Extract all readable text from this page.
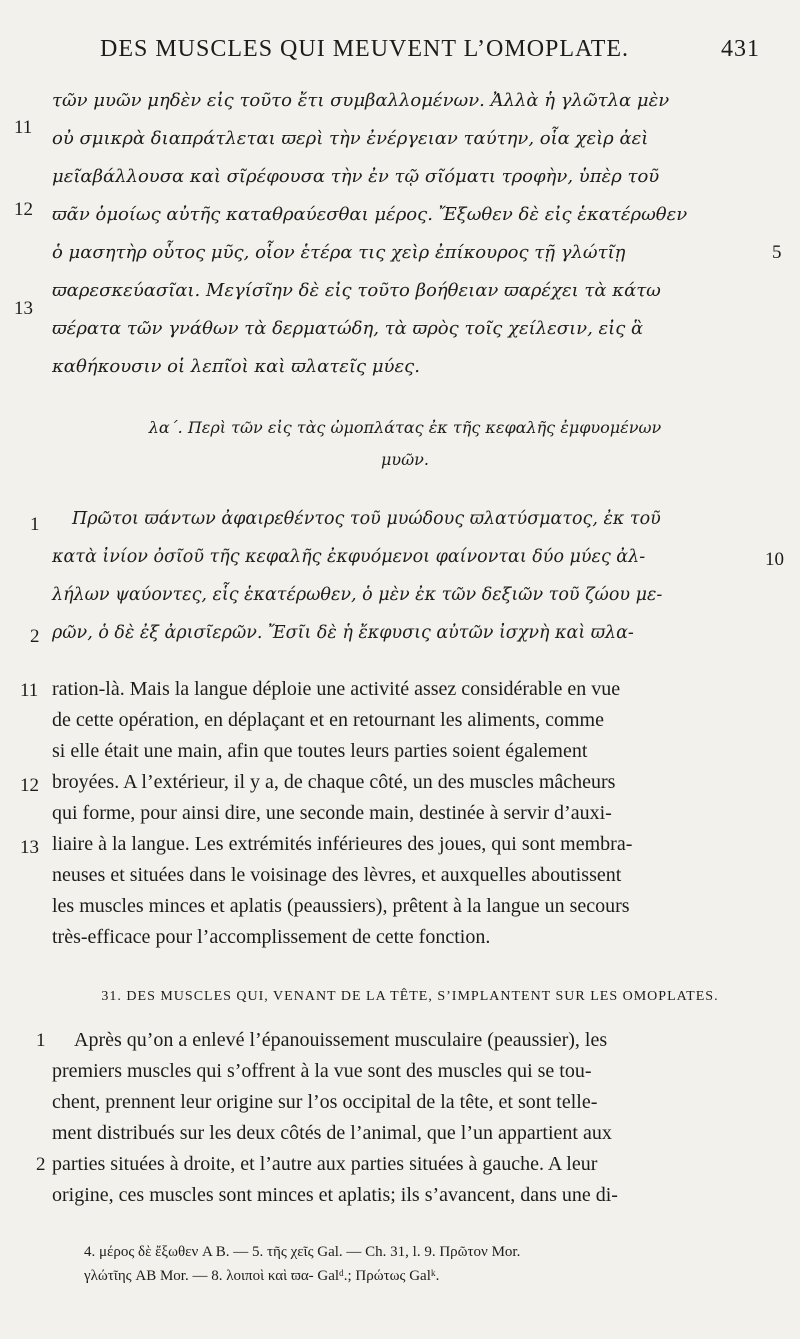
DES MUSCLES QUI MEUVENT L’OMOPLATE.	431
11
12
13
5
τῶν μυῶν μηδὲν εἰς τοῦτο ἔτι συμβαλλομένων. Ἀλλὰ ἡ γλῶτλα μὲν
οὐ σμικρὰ διαπράτλεται ϖερὶ τὴν ἐνέργειαν ταύτην, οἷα χεὶρ ἀεὶ
μεῖαβάλλουσα καὶ σῖρέφουσα τὴν ἐν τῷ σῖόματι τροφὴν, ὑπὲρ τοῦ
ϖᾶν ὁμοίως αὐτῆς καταθραύεσθαι μέρος. Ἔξωθεν δὲ εἰς ἑκατέρωθεν
ὁ μασητὴρ οὗτος μῦς, οἷον ἑτέρα τις χεὶρ ἐπίκουρος τῇ γλώτῖῃ
ϖαρεσκεύασῖαι. Μεγίσῖην δὲ εἰς τοῦτο βοήθειαν ϖαρέχει τὰ κάτω
ϖέρατα τῶν γνάθων τὰ δερματώδη, τὰ ϖρὸς τοῖς χείλεσιν, εἰς ἃ
καθήκουσιν οἱ λεπῖοὶ καὶ ϖλατεῖς μύες.
λα΄. Περὶ τῶν εἰς τὰς ὠμοπλάτας ἐκ τῆς κεφαλῆς ἐμφυομένων
μυῶν.
1
2
10
Πρῶτοι ϖάντων ἀφαιρεθέντος τοῦ μυώδους ϖλατύσματος, ἐκ τοῦ
κατὰ ἰνίον ὀσῖοῦ τῆς κεφαλῆς ἐκφυόμενοι φαίνονται δύο μύες ἀλ-
λήλων ψαύοντες, εἷς ἑκατέρωθεν, ὁ μὲν ἐκ τῶν δεξιῶν τοῦ ζώου με-
ρῶν, ὁ δὲ ἐξ ἀρισῖερῶν. Ἔσῖι δὲ ἡ ἔκφυσις αὐτῶν ἰσχνὴ καὶ ϖλα-
11
12
13
ration-là. Mais la langue déploie une activité assez considérable en vue
de cette opération, en déplaçant et en retournant les aliments, comme
si elle était une main, afin que toutes leurs parties soient également
broyées. A l’extérieur, il y a, de chaque côté, un des muscles mâcheurs
qui forme, pour ainsi dire, une seconde main, destinée à servir d’auxi-
liaire à la langue. Les extrémités inférieures des joues, qui sont membra-
neuses et situées dans le voisinage des lèvres, et auxquelles aboutissent
les muscles minces et aplatis (peaussiers), prêtent à la langue un secours
très-efficace pour l’accomplissement de cette fonction.
31. DES MUSCLES QUI, VENANT DE LA TÊTE, S’IMPLANTENT SUR LES OMOPLATES.
1
2
Après qu’on a enlevé l’épanouissement musculaire (peaussier), les
premiers muscles qui s’offrent à la vue sont des muscles qui se tou-
chent, prennent leur origine sur l’os occipital de la tête, et sont telle-
ment distribués sur les deux côtés de l’animal, que l’un appartient aux
parties situées à droite, et l’autre aux parties situées à gauche. A leur
origine, ces muscles sont minces et aplatis; ils s’avancent, dans une di-
4. μέρος δὲ ἔξωθεν A B. — 5. τῆς χεῖς Gal. — Ch. 31, l. 9. Πρῶτον Mor.
γλώτῖης AB Mor. — 8. λοιποὶ καὶ ϖα- Galᵈ.; Πρώτως Galᵏ.
